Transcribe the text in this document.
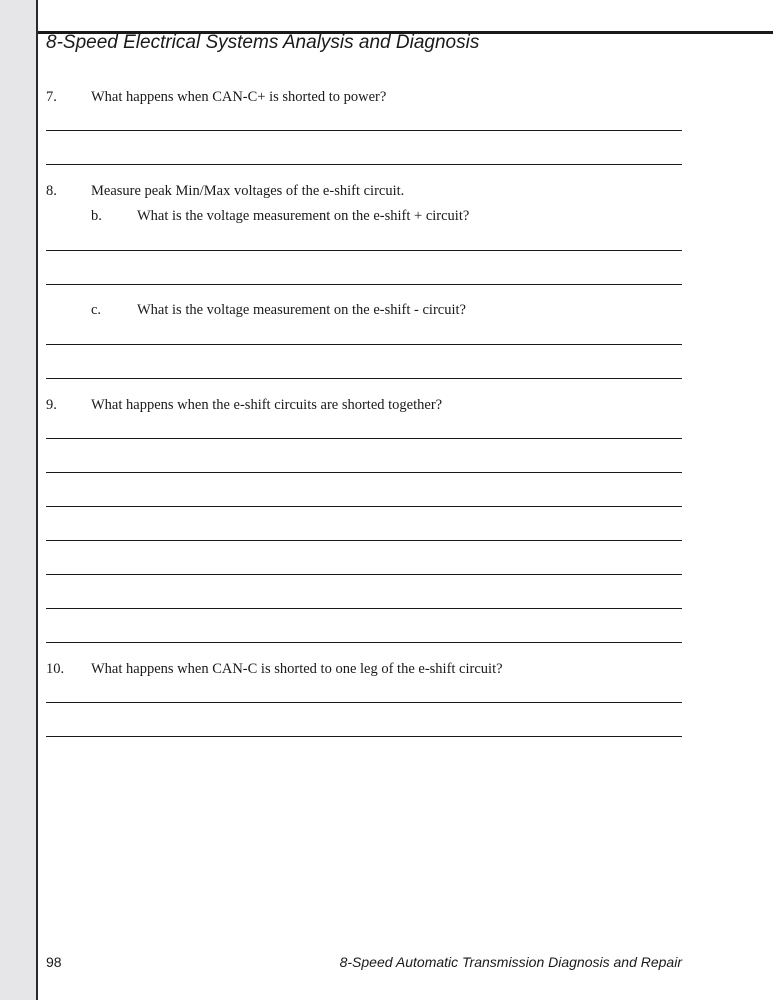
8-Speed Electrical Systems Analysis and Diagnosis
7. What happens when CAN-C+ is shorted to power?
8. Measure peak Min/Max voltages of the e-shift circuit.
b. What is the voltage measurement on the e-shift + circuit?
c. What is the voltage measurement on the e-shift - circuit?
9. What happens when the e-shift circuits are shorted together?
10. What happens when CAN-C is shorted to one leg of the e-shift circuit?
98	8-Speed Automatic Transmission Diagnosis and Repair
